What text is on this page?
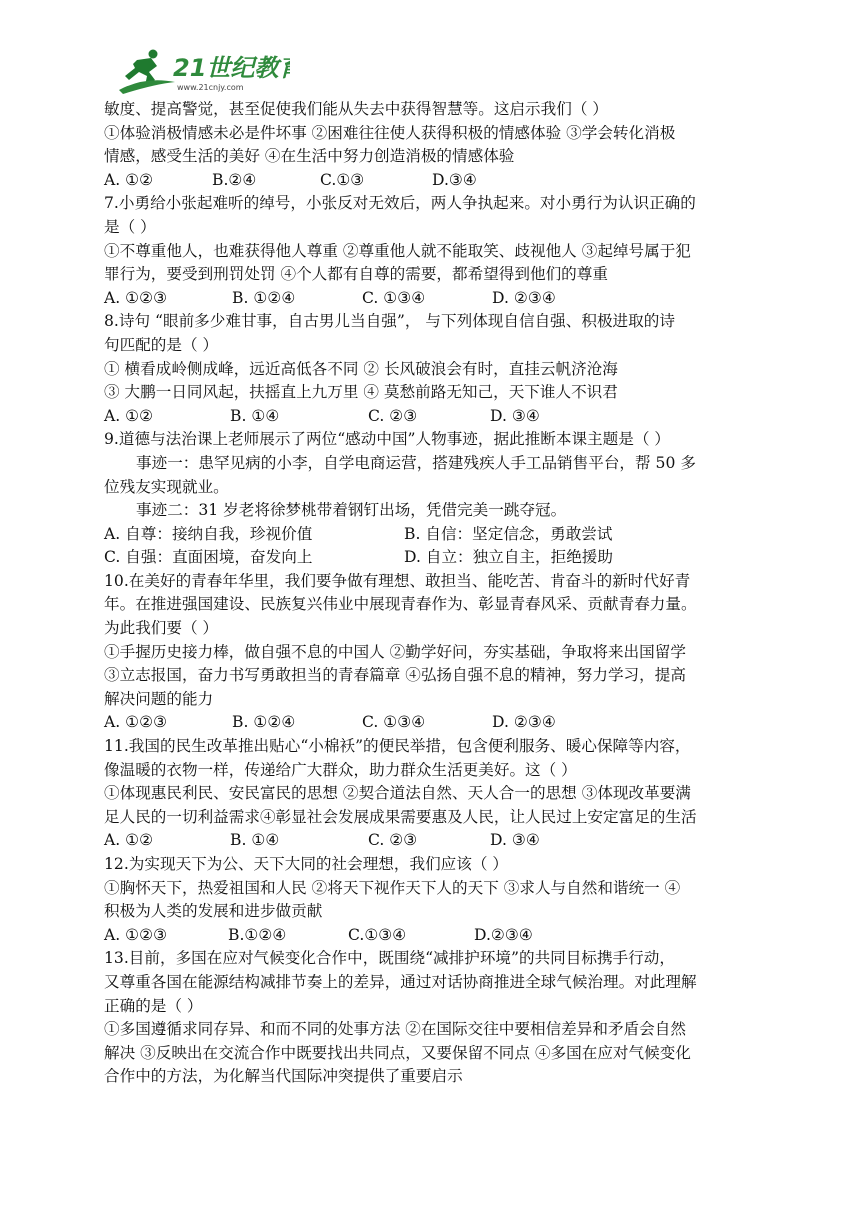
21世纪教育
www.21cnjy.com

敏度、提高警觉，甚至促使我们能从失去中获得智慧等。这启示我们（ ）

①体验消极情感未必是件坏事 ②困难往往使人获得积极的情感体验 ③学会转化消极

情感，感受生活的美好 ④在生活中努力创造消极的情感体验

A. ①②	B.②④	C.①③	D.③④

7.小勇给小张起难听的绰号，小张反对无效后，两人争执起来。对小勇行为认识正确的

是（ ）

①不尊重他人，也难获得他人尊重 ②尊重他人就不能取笑、歧视他人 ③起绰号属于犯

罪行为，要受到刑罚处罚 ④个人都有自尊的需要，都希望得到他们的尊重

A. ①②③	B. ①②④	C. ①③④	D. ②③④

8.诗句 “眼前多少难甘事，自古男儿当自强”， 与下列体现自信自强、积极进取的诗

句匹配的是（ ）

① 横看成岭侧成峰，远近高低各不同 ② 长风破浪会有时，直挂云帆济沧海

③ 大鹏一日同风起，扶摇直上九万里 ④ 莫愁前路无知己，天下谁人不识君

A. ①②	B. ①④	C. ②③	D. ③④

9.道德与法治课上老师展示了两位“感动中国”人物事迹，据此推断本课主题是（ ）

事迹一：患罕见病的小李，自学电商运营，搭建残疾人手工品销售平台，帮 50 多

位残友实现就业。

事迹二：31 岁老将徐梦桃带着钢钉出场，凭借完美一跳夺冠。

A. 自尊：接纳自我，珍视价值	B. 自信：坚定信念，勇敢尝试

C. 自强：直面困境，奋发向上	D. 自立：独立自主，拒绝援助

10.在美好的青春年华里，我们要争做有理想、敢担当、能吃苦、肯奋斗的新时代好青

年。在推进强国建设、民族复兴伟业中展现青春作为、彰显青春风采、贡献青春力量。

为此我们要（ ）

①手握历史接力棒，做自强不息的中国人 ②勤学好问，夯实基础，争取将来出国留学

③立志报国，奋力书写勇敢担当的青春篇章 ④弘扬自强不息的精神，努力学习，提高

解决问题的能力

A. ①②③	B. ①②④	C. ①③④	D. ②③④

11.我国的民生改革推出贴心“小棉袄”的便民举措，包含便利服务、暖心保障等内容，

像温暖的衣物一样，传递给广大群众，助力群众生活更美好。这（ ）

①体现惠民利民、安民富民的思想 ②契合道法自然、天人合一的思想 ③体现改革要满

足人民的一切利益需求④彰显社会发展成果需要惠及人民，让人民过上安定富足的生活

A. ①②	B. ①④	C. ②③	D. ③④

12.为实现天下为公、天下大同的社会理想，我们应该（ ）

①胸怀天下，热爱祖国和人民 ②将天下视作天下人的天下 ③求人与自然和谐统一 ④

积极为人类的发展和进步做贡献

A. ①②③	B.①②④	C.①③④	D.②③④

13.目前，多国在应对气候变化合作中，既围绕“减排护环境”的共同目标携手行动，

又尊重各国在能源结构减排节奏上的差异，通过对话协商推进全球气候治理。对此理解

正确的是（ ）

①多国遵循求同存异、和而不同的处事方法 ②在国际交往中要相信差异和矛盾会自然

解决 ③反映出在交流合作中既要找出共同点，又要保留不同点 ④多国在应对气候变化

合作中的方法，为化解当代国际冲突提供了重要启示
